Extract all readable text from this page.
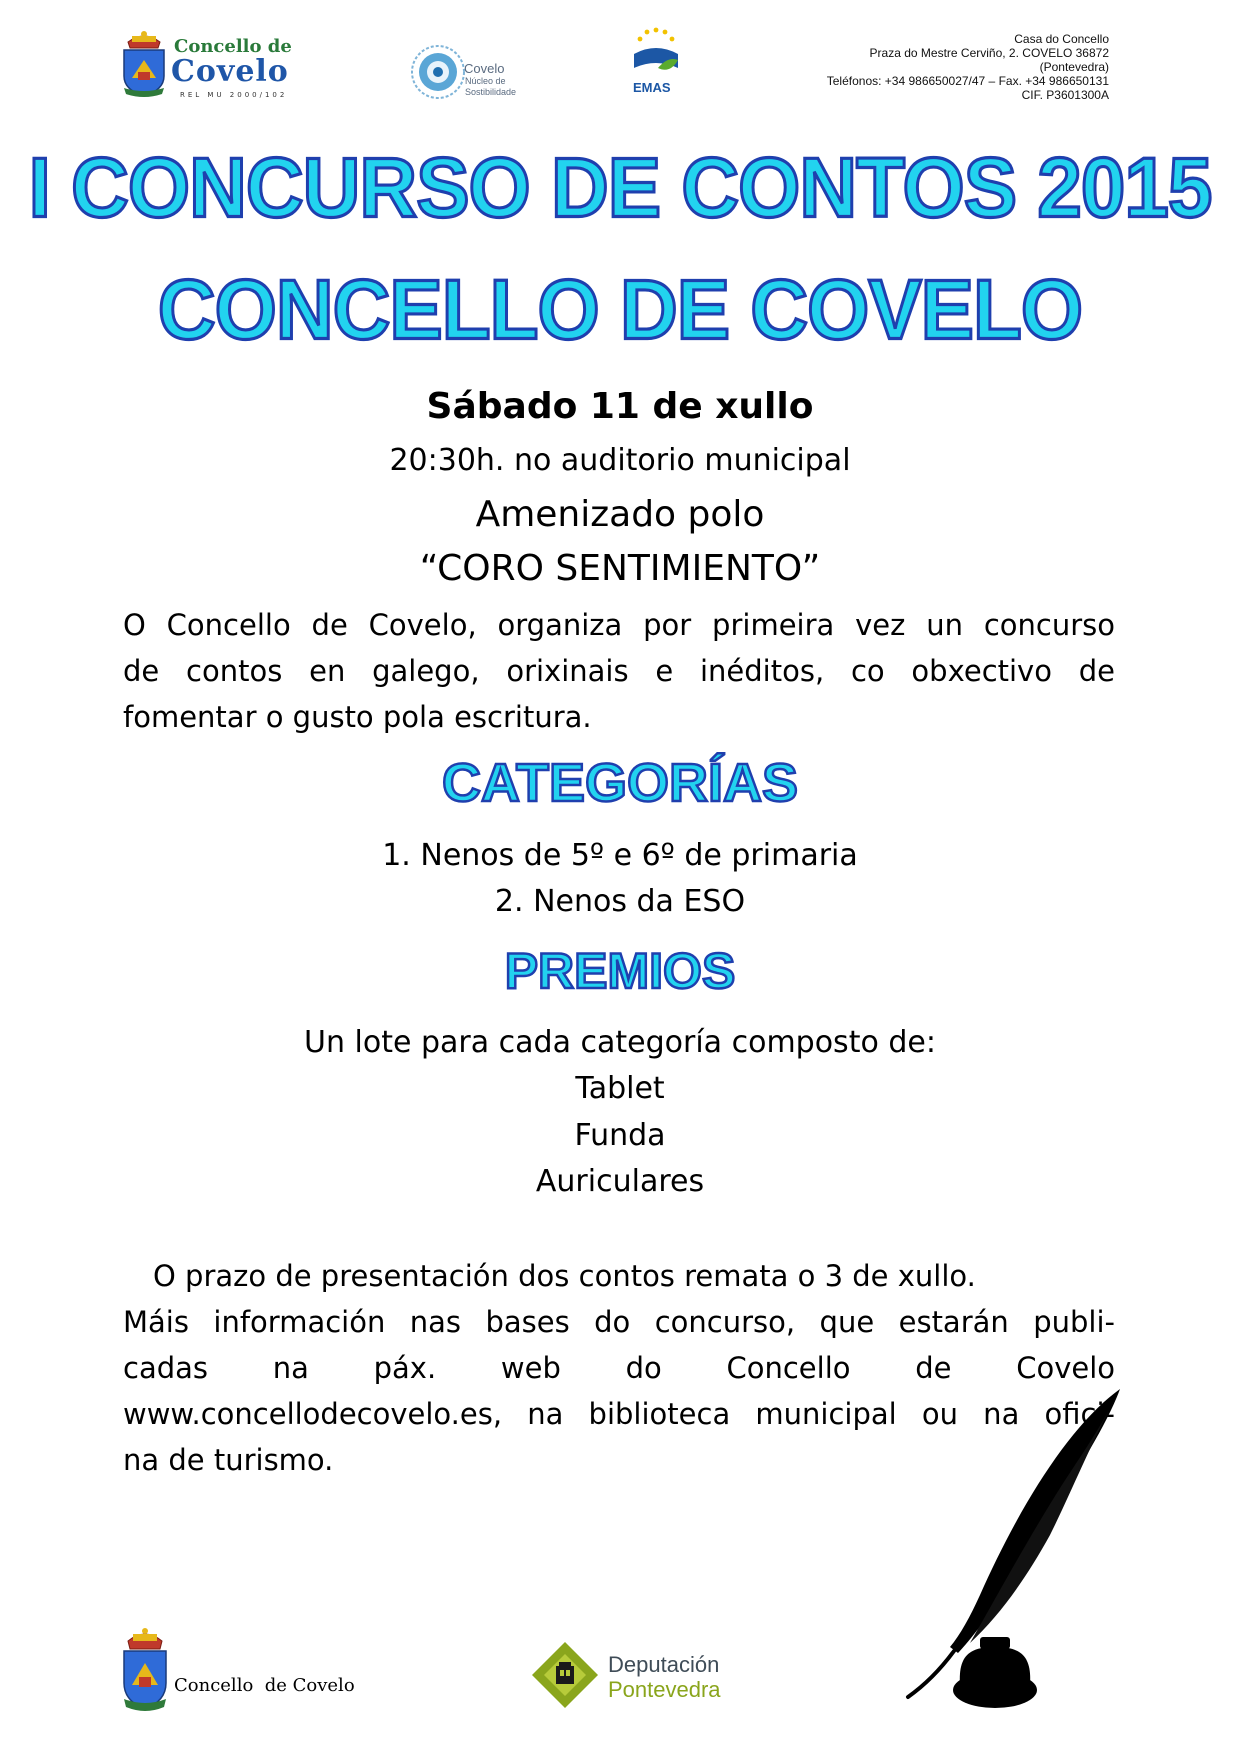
Concello de
Covelo
REL MU 2000/102
Covelo
Núcleo de
Sostibilidade	EMAS
Casa do Concello
Praza do Mestre Cerviño, 2. COVELO 36872
(Pontevedra)
Teléfonos: +34 986650027/47 – Fax. +34 986650131
CIF. P3601300A
I CONCURSO DE CONTOS 2015
CONCELLO DE COVELO
Sábado 11 de xullo
20:30h. no auditorio municipal
Amenizado polo
“CORO SENTIMIENTO”
O Concello de Covelo, organiza por primeira vez un concurso
de contos en galego, orixinais e inéditos, co obxectivo de
fomentar o gusto pola escritura.
CATEGORÍAS
1. Nenos de 5º e 6º de primaria
2. Nenos da ESO
PREMIOS
Un lote para cada categoría composto de:
Tablet
Funda
Auriculares
O prazo de presentación dos contos remata o 3 de xullo.
Máis información nas bases do concurso, que estarán publi-
cadas na páx. web do Concello de Covelo
www.concellodecovelo.es, na biblioteca municipal ou na ofici-
na de turismo.
Concello  de Covelo
Deputación
Pontevedra
